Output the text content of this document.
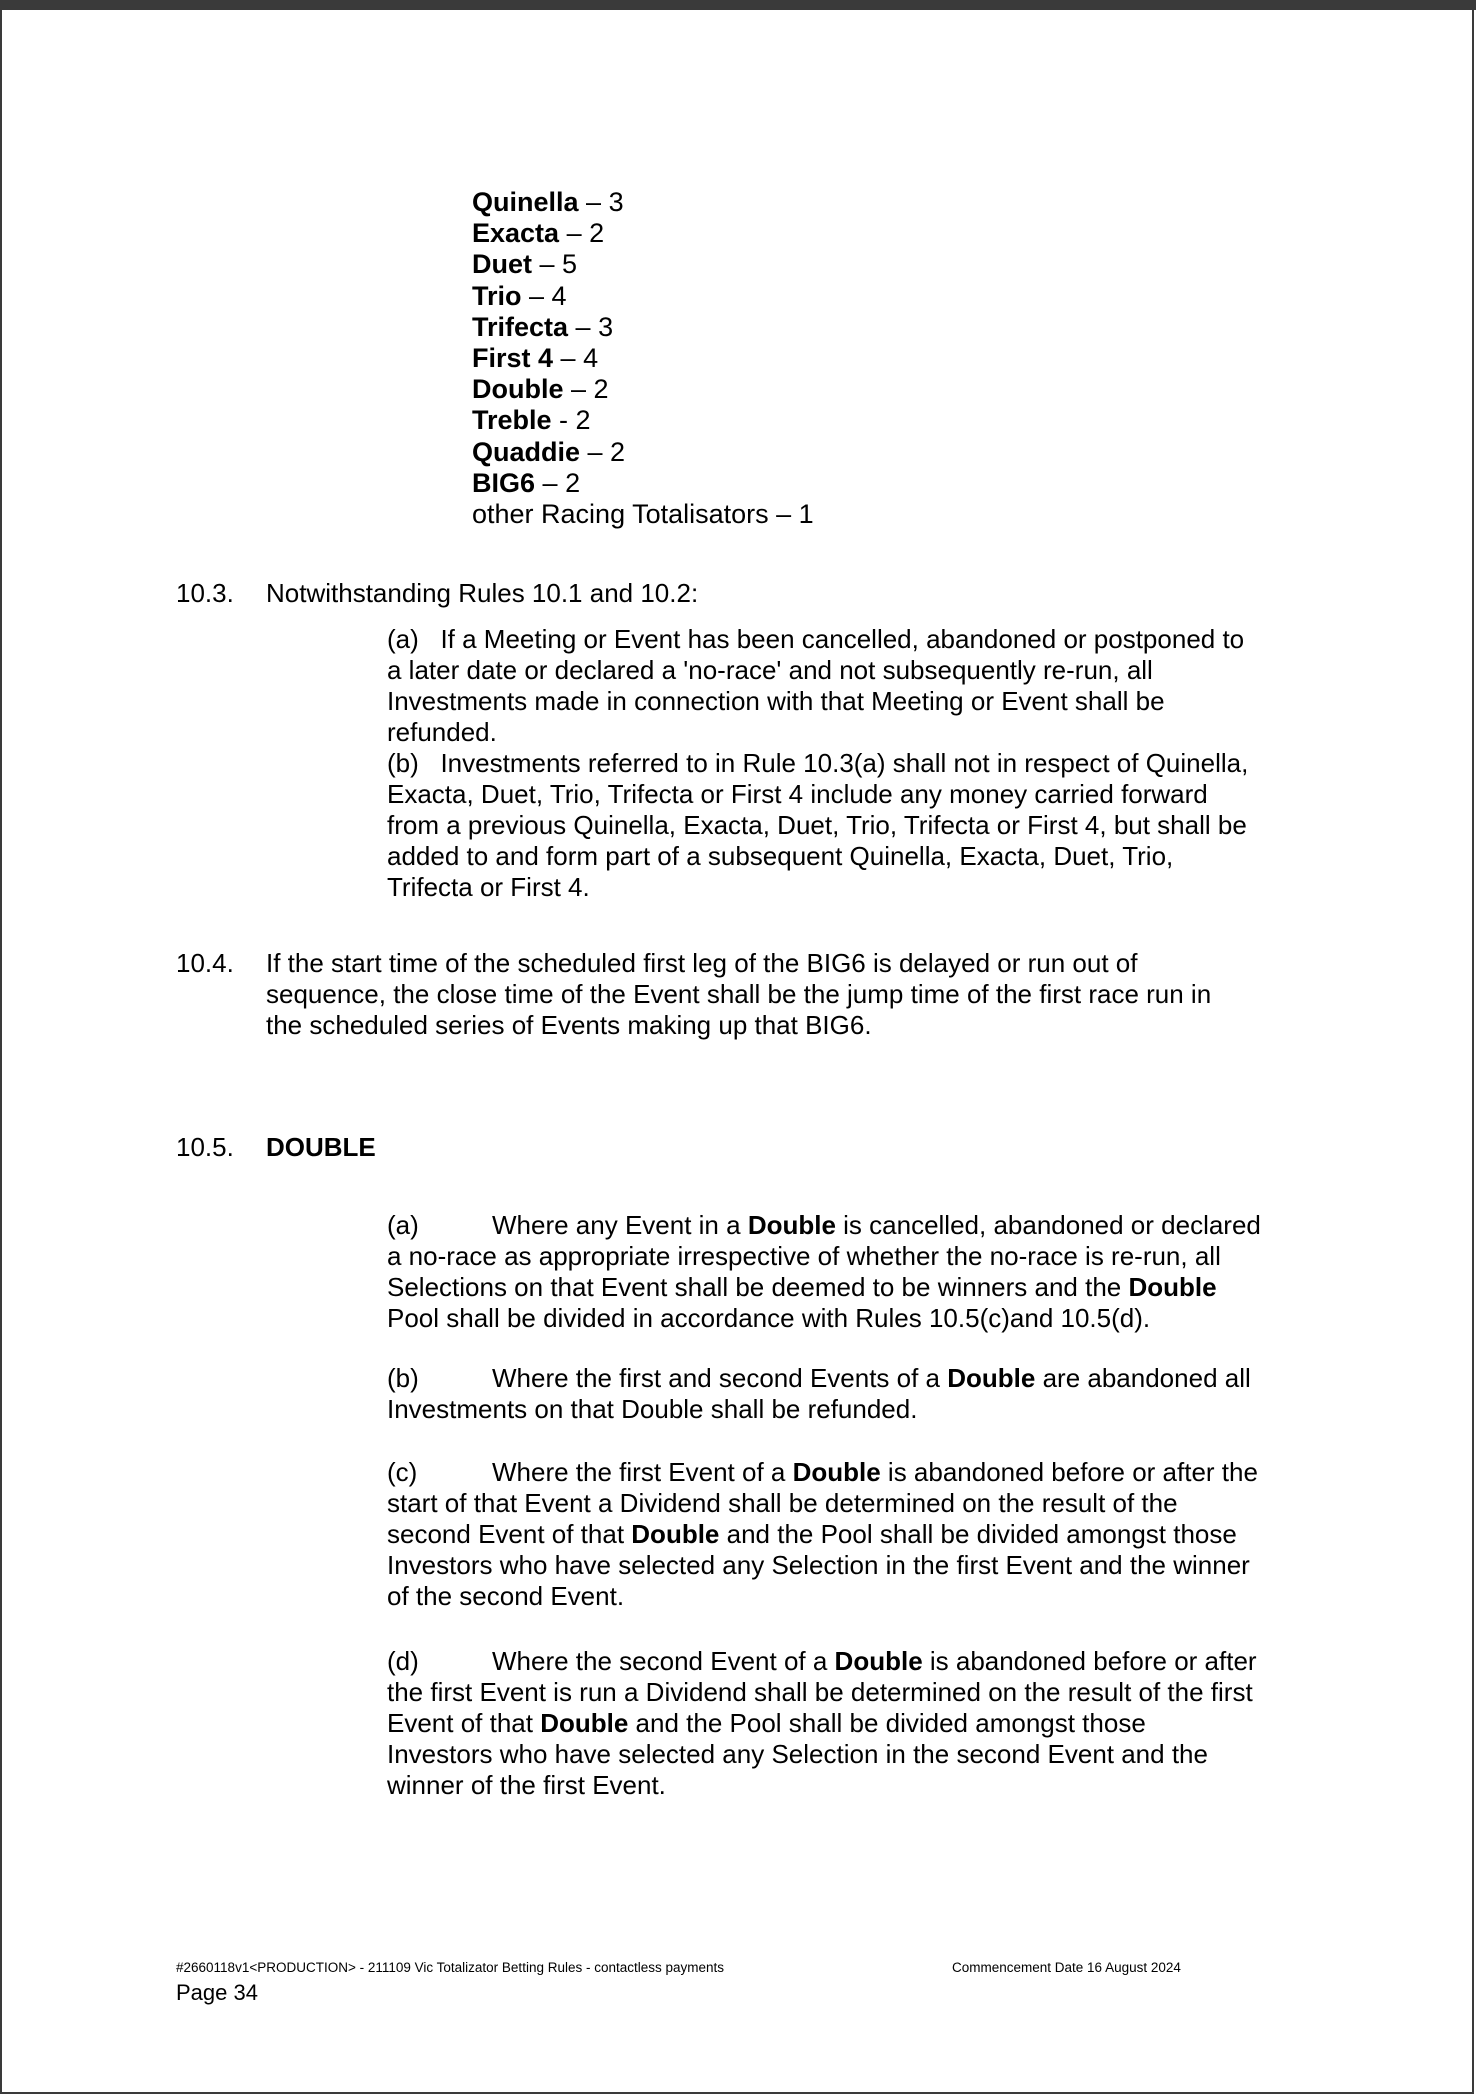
Quinella – 3
Exacta – 2
Duet – 5
Trio – 4
Trifecta – 3
First 4 – 4
Double – 2
Treble - 2
Quaddie – 2
BIG6 – 2
other Racing Totalisators – 1
10.3. Notwithstanding Rules 10.1 and 10.2:
(a) If a Meeting or Event has been cancelled, abandoned or postponed to
a later date or declared a 'no-race' and not subsequently re-run, all
Investments made in connection with that Meeting or Event shall be
refunded.
(b) Investments referred to in Rule 10.3(a) shall not in respect of Quinella,
Exacta, Duet, Trio, Trifecta or First 4 include any money carried forward
from a previous Quinella, Exacta, Duet, Trio, Trifecta or First 4, but shall be
added to and form part of a subsequent Quinella, Exacta, Duet, Trio,
Trifecta or First 4.
10.4. If the start time of the scheduled first leg of the BIG6 is delayed or run out of
sequence, the close time of the Event shall be the jump time of the first race run in
the scheduled series of Events making up that BIG6.
10.5. DOUBLE
(a)	Where any Event in a Double is cancelled, abandoned or declared
a no-race as appropriate irrespective of whether the no-race is re-run, all
Selections on that Event shall be deemed to be winners and the Double
Pool shall be divided in accordance with Rules 10.5(c)and 10.5(d).
(b)	Where the first and second Events of a Double are abandoned all
Investments on that Double shall be refunded.
(c)	Where the first Event of a Double is abandoned before or after the
start of that Event a Dividend shall be determined on the result of the
second Event of that Double and the Pool shall be divided amongst those
Investors who have selected any Selection in the first Event and the winner
of the second Event.
(d)	Where the second Event of a Double is abandoned before or after
the first Event is run a Dividend shall be determined on the result of the first
Event of that Double and the Pool shall be divided amongst those
Investors who have selected any Selection in the second Event and the
winner of the first Event.
#2660118v1<PRODUCTION> - 211109 Vic Totalizator Betting Rules - contactless payments	Commencement Date 16 August 2024
Page 34
